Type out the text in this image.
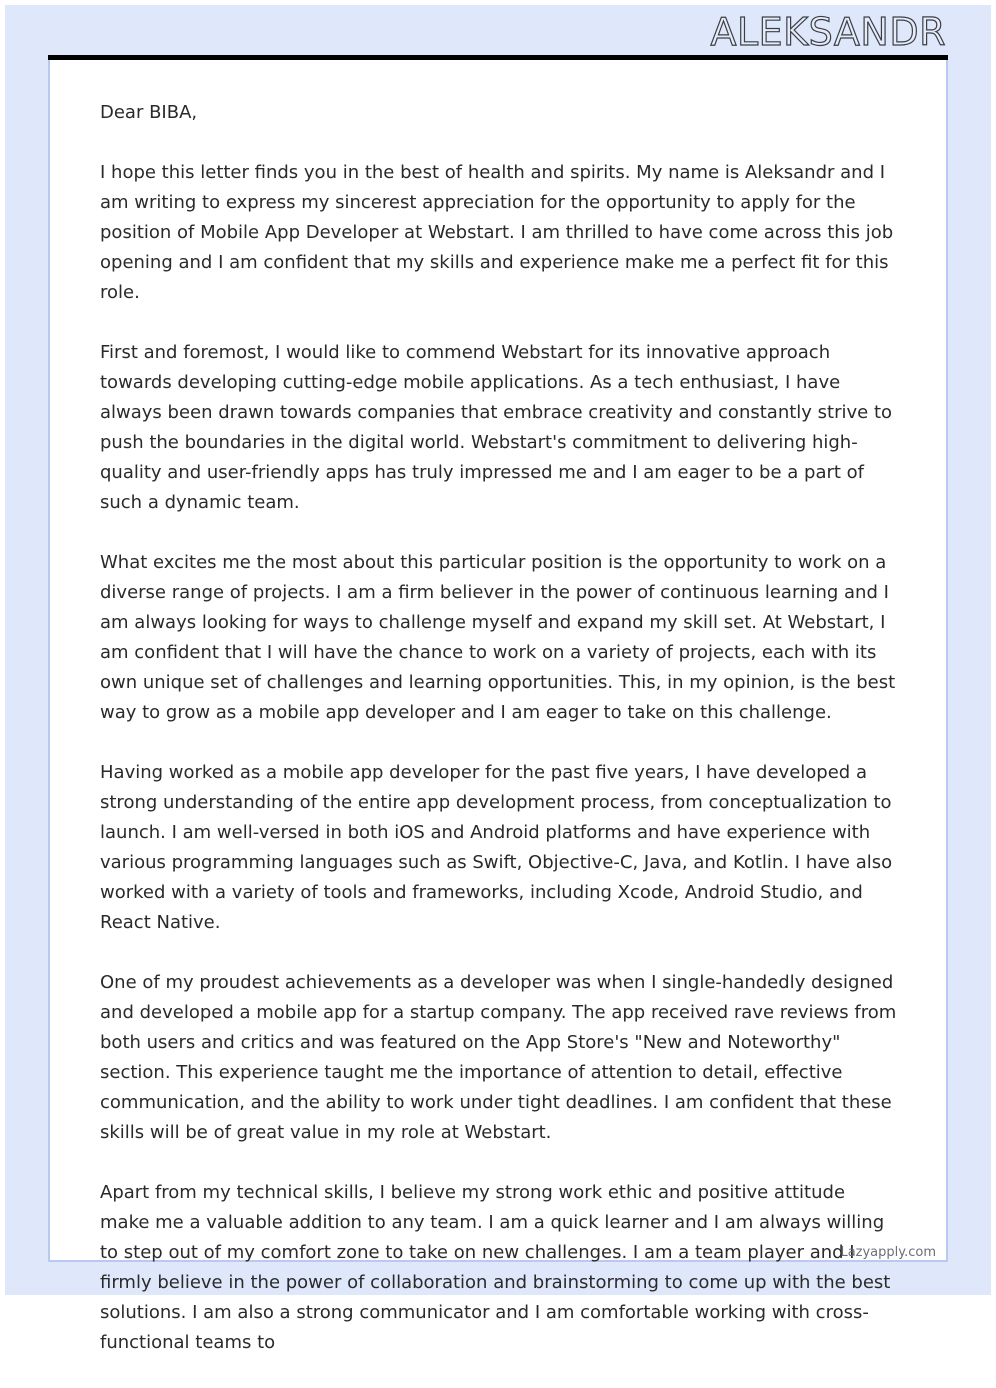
ALEKSANDR

Dear BIBA,

I hope this letter finds you in the best of health and spirits. My name is Aleksandr and I am writing to express my sincerest appreciation for the opportunity to apply for the position of Mobile App Developer at Webstart. I am thrilled to have come across this job opening and I am confident that my skills and experience make me a perfect fit for this role.

First and foremost, I would like to commend Webstart for its innovative approach towards developing cutting-edge mobile applications. As a tech enthusiast, I have always been drawn towards companies that embrace creativity and constantly strive to push the boundaries in the digital world. Webstart's commitment to delivering high-quality and user-friendly apps has truly impressed me and I am eager to be a part of such a dynamic team.

What excites me the most about this particular position is the opportunity to work on a diverse range of projects. I am a firm believer in the power of continuous learning and I am always looking for ways to challenge myself and expand my skill set. At Webstart, I am confident that I will have the chance to work on a variety of projects, each with its own unique set of challenges and learning opportunities. This, in my opinion, is the best way to grow as a mobile app developer and I am eager to take on this challenge.

Having worked as a mobile app developer for the past five years, I have developed a strong understanding of the entire app development process, from conceptualization to launch. I am well-versed in both iOS and Android platforms and have experience with various programming languages such as Swift, Objective-C, Java, and Kotlin. I have also worked with a variety of tools and frameworks, including Xcode, Android Studio, and React Native.

One of my proudest achievements as a developer was when I single-handedly designed and developed a mobile app for a startup company. The app received rave reviews from both users and critics and was featured on the App Store's "New and Noteworthy" section. This experience taught me the importance of attention to detail, effective communication, and the ability to work under tight deadlines. I am confident that these skills will be of great value in my role at Webstart.

Apart from my technical skills, I believe my strong work ethic and positive attitude make me a valuable addition to any team. I am a quick learner and I am always willing to step out of my comfort zone to take on new challenges. I am a team player and I firmly believe in the power of collaboration and brainstorming to come up with the best solutions. I am also a strong communicator and I am comfortable working with cross-functional teams to

Lazyapply.com
